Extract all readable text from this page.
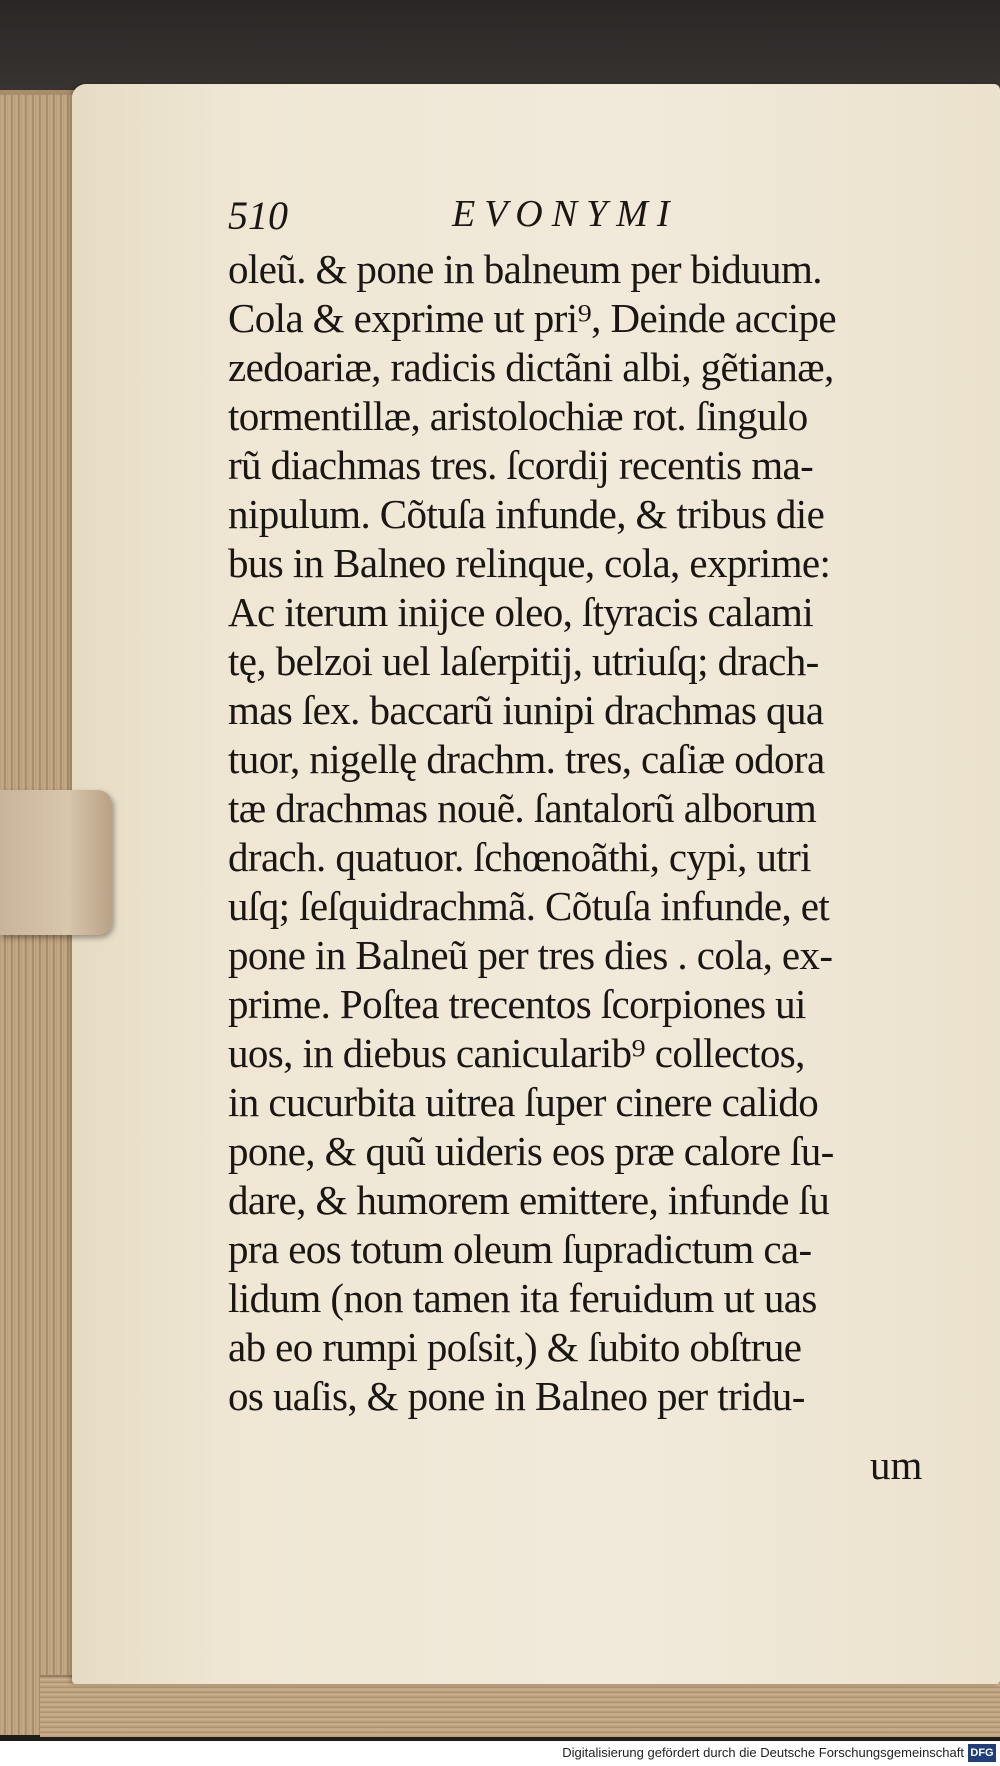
510	EVONYMI
oleũ. & pone in balneum per biduum.
Cola & exprime ut pri⁹, Deinde accipe
zedoariæ, radicis dictãni albi, gẽtianæ,
tormentillæ, aristolochiæ rot. ſingulo
rũ diachmas tres. ſcordij recentis ma-
nipulum. Cõtuſa infunde, & tribus die
bus in Balneo relinque, cola, exprime:
Ac iterum inijce oleo, ſtyracis calami
tę, belzoi uel laſerpitij, utriuſq; drach-
mas ſex. baccarũ iunipi drachmas qua
tuor, nigellę drachm. tres, caſiæ odora
tæ drachmas nouẽ. ſantalorũ alborum
drach. quatuor. ſchœnoãthi, cypi, utri
uſq; ſeſquidrachmã. Cõtuſa infunde, et
pone in Balneũ per tres dies . cola, ex-
prime. Poſtea trecentos ſcorpiones ui
uos, in diebus canicularib⁹ collectos,
in cucurbita uitrea ſuper cinere calido
pone, & quũ uideris eos præ calore ſu-
dare, & humorem emittere, infunde ſu
pra eos totum oleum ſupradictum ca-
lidum (non tamen ita feruidum ut uas
ab eo rumpi poſsit,) & ſubito obſtrue
os uaſis, & pone in Balneo per tridu-
um
Digitalisierung gefördert durch die Deutsche Forschungsgemeinschaft DFG
